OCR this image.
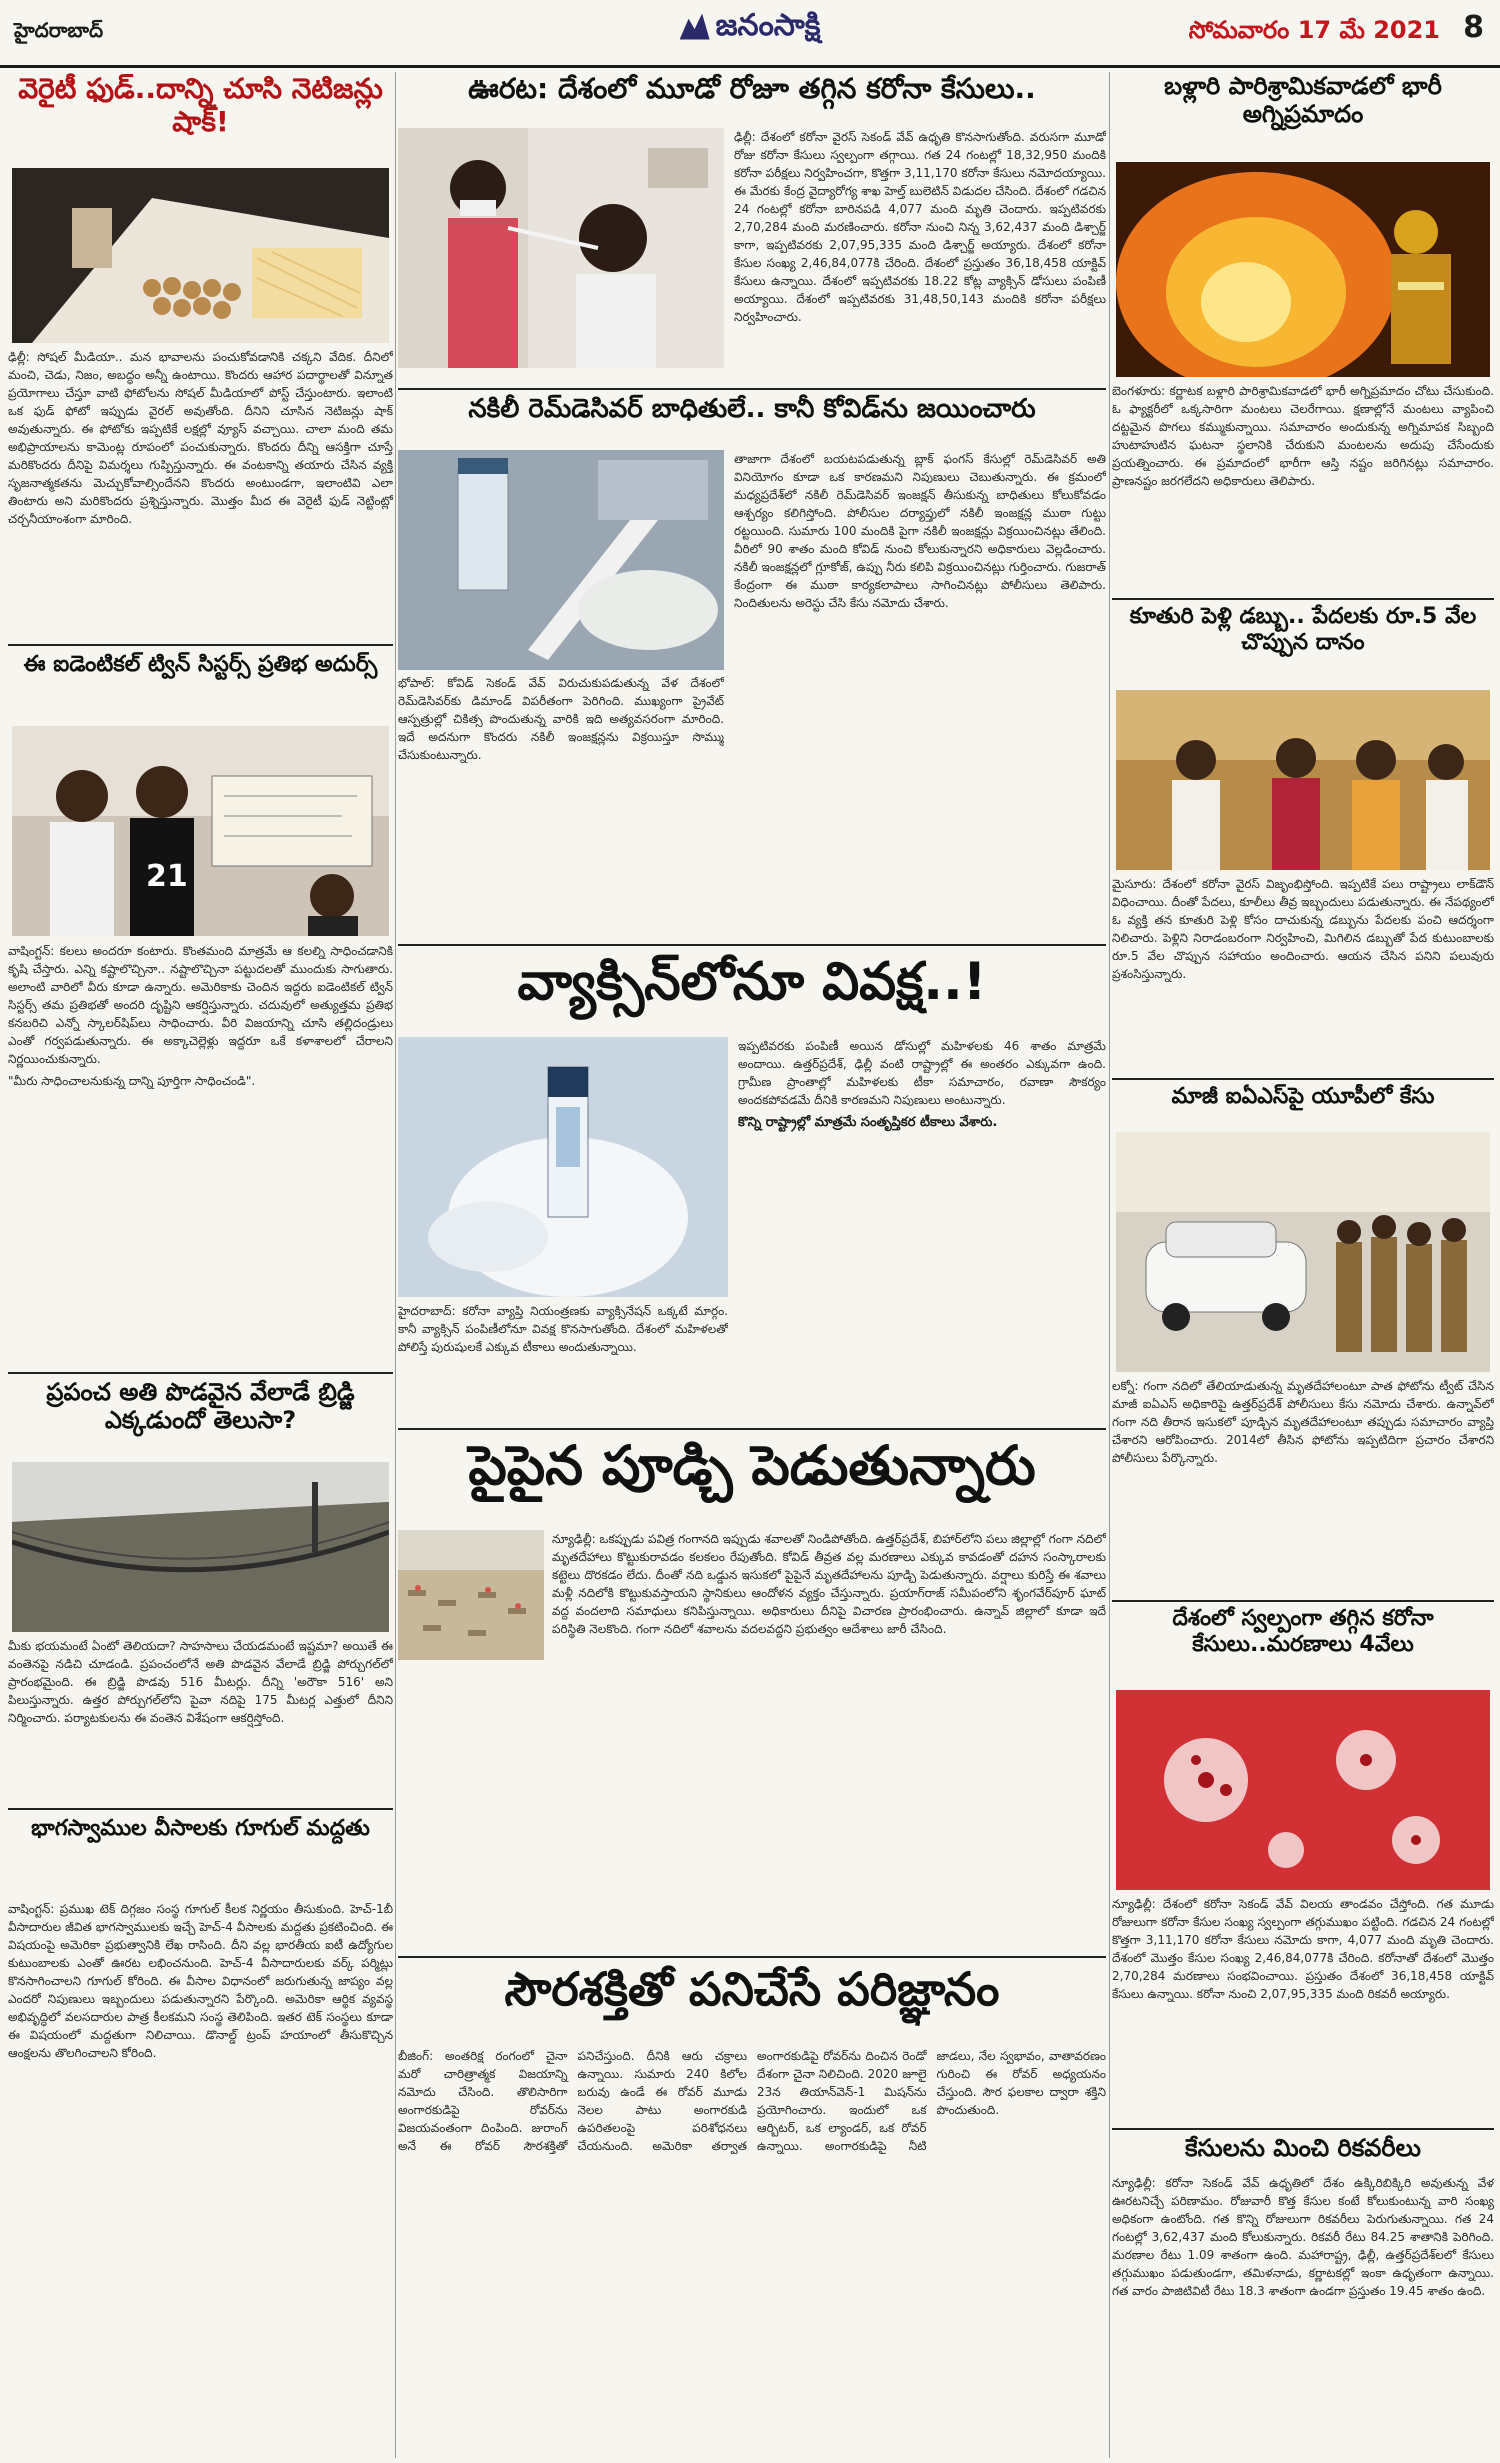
హైదరాబాద్	జనంసాక్షి	సోమవారం 17 మే 2021 8
వెరైటీ ఫుడ్..దాన్ని చూసి నెటిజన్లు షాక్!
ఢిల్లీ: సోషల్ మీడియా.. మన భావాలను పంచుకోవడానికి చక్కని వేదిక. దీనిలో మంచి, చెడు, నిజం, అబద్ధం అన్నీ ఉంటాయి. కొందరు ఆహార పదార్థాలతో విన్నూత ప్రయోగాలు చేస్తూ వాటి ఫోటోలను సోషల్ మీడియాలో పోస్ట్ చేస్తుంటారు. ఇలాంటి ఒక ఫుడ్ ఫోటో ఇప్పుడు వైరల్ అవుతోంది. దీనిని చూసిన నెటిజన్లు షాక్ అవుతున్నారు. ఈ ఫోటోకు ఇప్పటికే లక్షల్లో వ్యూస్ వచ్చాయి. చాలా మంది తమ అభిప్రాయాలను కామెంట్ల రూపంలో పంచుకున్నారు. కొందరు దీన్ని ఆసక్తిగా చూస్తే మరికొందరు దీనిపై విమర్శలు గుప్పిస్తున్నారు. ఈ వంటకాన్ని తయారు చేసిన వ్యక్తి సృజనాత్మకతను మెచ్చుకోవాల్సిందేనని కొందరు అంటుండగా, ఇలాంటివి ఎలా తింటారు అని మరికొందరు ప్రశ్నిస్తున్నారు. మొత్తం మీద ఈ వెరైటీ ఫుడ్ నెట్టింట్లో చర్చనీయాంశంగా మారింది.
ఈ ఐడెంటికల్ ట్విన్ సిస్టర్స్ ప్రతిభ అదుర్స్
21
వాషింగ్టన్: కలలు అందరూ కంటారు. కొంతమంది మాత్రమే ఆ కలల్ని సాధించడానికి కృషి చేస్తారు. ఎన్ని కష్టాలొచ్చినా.. నష్టాలొచ్చినా పట్టుదలతో ముందుకు సాగుతారు. అలాంటి వారిలో వీరు కూడా ఉన్నారు. అమెరికాకు చెందిన ఇద్దరు ఐడెంటికల్ ట్విన్ సిస్టర్స్ తమ ప్రతిభతో అందరి దృష్టిని ఆకర్షిస్తున్నారు. చదువులో అత్యుత్తమ ప్రతిభ కనబరిచి ఎన్నో స్కాలర్‌షిప్‌లు సాధించారు. వీరి విజయాన్ని చూసి తల్లిదండ్రులు ఎంతో గర్వపడుతున్నారు. ఈ అక్కాచెల్లెళ్లు ఇద్దరూ ఒకే కళాశాలలో చేరాలని నిర్ణయించుకున్నారు.
"మీరు సాధించాలనుకున్న దాన్ని పూర్తిగా సాధించండి".
ప్రపంచ అతి పొడవైన వేలాడే బ్రిడ్జి ఎక్కడుందో తెలుసా?
మీకు భయమంటే ఏంటో తెలియదా? సాహసాలు చేయడమంటే ఇష్టమా? అయితే ఈ వంతెనపై నడిచి చూడండి. ప్రపంచంలోనే అతి పొడవైన వేలాడే బ్రిడ్జి పోర్చుగల్‌లో ప్రారంభమైంది. ఈ బ్రిడ్జి పొడవు 516 మీటర్లు. దీన్ని 'అరౌకా 516' అని పిలుస్తున్నారు. ఉత్తర పోర్చుగల్‌లోని పైవా నదిపై 175 మీటర్ల ఎత్తులో దీనిని నిర్మించారు. పర్యాటకులను ఈ వంతెన విశేషంగా ఆకర్షిస్తోంది.
భాగస్వాముల వీసాలకు గూగుల్ మద్దతు
వాషింగ్టన్: ప్రముఖ టెక్ దిగ్గజం సంస్థ గూగుల్ కీలక నిర్ణయం తీసుకుంది. హెచ్-1బీ వీసాదారుల జీవిత భాగస్వాములకు ఇచ్చే హెచ్-4 వీసాలకు మద్దతు ప్రకటించింది. ఈ విషయంపై అమెరికా ప్రభుత్వానికి లేఖ రాసింది. దీని వల్ల భారతీయ ఐటీ ఉద్యోగుల కుటుంబాలకు ఎంతో ఊరట లభించనుంది. హెచ్-4 వీసాదారులకు వర్క్ పర్మిట్లు కొనసాగించాలని గూగుల్ కోరింది. ఈ వీసాల విధానంలో జరుగుతున్న జాప్యం వల్ల ఎందరో నిపుణులు ఇబ్బందులు పడుతున్నారని పేర్కొంది. అమెరికా ఆర్థిక వ్యవస్థ అభివృద్ధిలో వలసదారుల పాత్ర కీలకమని సంస్థ తెలిపింది. ఇతర టెక్ సంస్థలు కూడా ఈ విషయంలో మద్దతుగా నిలిచాయి. డొనాల్డ్ ట్రంప్ హయాంలో తీసుకొచ్చిన ఆంక్షలను తొలగించాలని కోరింది.
ఊరట: దేశంలో మూడో రోజూ తగ్గిన కరోనా కేసులు..
ఢిల్లీ: దేశంలో కరోనా వైరస్ సెకండ్ వేవ్ ఉధృతి కొనసాగుతోంది. వరుసగా మూడో రోజు కరోనా కేసులు స్వల్పంగా తగ్గాయి. గత 24 గంటల్లో 18,32,950 మందికి కరోనా పరీక్షలు నిర్వహించగా, కొత్తగా 3,11,170 కరోనా కేసులు నమోదయ్యాయి. ఈ మేరకు కేంద్ర వైద్యారోగ్య శాఖ హెల్త్ బులెటిన్ విడుదల చేసింది. దేశంలో గడచిన 24 గంటల్లో కరోనా బారినపడి 4,077 మంది మృతి చెందారు. ఇప్పటివరకు 2,70,284 మంది మరణించారు. కరోనా నుంచి నిన్న 3,62,437 మంది డిశ్చార్జ్ కాగా, ఇప్పటివరకు 2,07,95,335 మంది డిశ్చార్జ్ అయ్యారు. దేశంలో కరోనా కేసుల సంఖ్య 2,46,84,077కి చేరింది. దేశంలో ప్రస్తుతం 36,18,458 యాక్టివ్ కేసులు ఉన్నాయి. దేశంలో ఇప్పటివరకు 18.22 కోట్ల వ్యాక్సిన్ డోసులు పంపిణీ అయ్యాయి. దేశంలో ఇప్పటివరకు 31,48,50,143 మందికి కరోనా పరీక్షలు నిర్వహించారు.
నకిలీ రెమ్‌డెసివర్ బాధితులే.. కానీ కోవిడ్‌ను జయించారు
భోపాల్: కోవిడ్ సెకండ్ వేవ్ విరుచుకుపడుతున్న వేళ దేశంలో రెమ్‌డెసివర్‌కు డిమాండ్ విపరీతంగా పెరిగింది. ముఖ్యంగా ప్రైవేట్ ఆస్పత్రుల్లో చికిత్స పొందుతున్న వారికి ఇది అత్యవసరంగా మారింది. ఇదే అదనుగా కొందరు నకిలీ ఇంజక్షన్లను విక్రయిస్తూ సొమ్ము చేసుకుంటున్నారు.
తాజాగా దేశంలో బయటపడుతున్న బ్లాక్ ఫంగస్ కేసుల్లో రెమ్‌డెసివర్ అతి వినియోగం కూడా ఒక కారణమని నిపుణులు చెబుతున్నారు. ఈ క్రమంలో మధ్యప్రదేశ్‌లో నకిలీ రెమ్‌డెసివర్ ఇంజక్షన్ తీసుకున్న బాధితులు కోలుకోవడం ఆశ్చర్యం కలిగిస్తోంది. పోలీసుల దర్యాప్తులో నకిలీ ఇంజక్షన్ల ముఠా గుట్టు రట్టయింది. సుమారు 100 మందికి పైగా నకిలీ ఇంజక్షన్లు విక్రయించినట్లు తేలింది. వీరిలో 90 శాతం మంది కోవిడ్ నుంచి కోలుకున్నారని అధికారులు వెల్లడించారు. నకిలీ ఇంజక్షన్లలో గ్లూకోజ్, ఉప్పు నీరు కలిపి విక్రయించినట్లు గుర్తించారు. గుజరాత్ కేంద్రంగా ఈ ముఠా కార్యకలాపాలు సాగించినట్లు పోలీసులు తెలిపారు. నిందితులను అరెస్టు చేసి కేసు నమోదు చేశారు.
వ్యాక్సిన్‌లోనూ వివక్ష..!
హైదరాబాద్: కరోనా వ్యాప్తి నియంత్రణకు వ్యాక్సినేషన్ ఒక్కటే మార్గం. కానీ వ్యాక్సిన్ పంపిణీలోనూ వివక్ష కొనసాగుతోంది. దేశంలో మహిళలతో పోలిస్తే పురుషులకే ఎక్కువ టీకాలు అందుతున్నాయి.
ఇప్పటివరకు పంపిణీ అయిన డోసుల్లో మహిళలకు 46 శాతం మాత్రమే అందాయి. ఉత్తర్‌ప్రదేశ్, ఢిల్లీ వంటి రాష్ట్రాల్లో ఈ అంతరం ఎక్కువగా ఉంది. గ్రామీణ ప్రాంతాల్లో మహిళలకు టీకా సమాచారం, రవాణా సౌకర్యం అందకపోవడమే దీనికి కారణమని నిపుణులు అంటున్నారు.
కొన్ని రాష్ట్రాల్లో మాత్రమే సంతృప్తికర టీకాలు వేశారు.
పైపైన పూడ్చి పెడుతున్నారు
న్యూఢిల్లీ: ఒకప్పుడు పవిత్ర గంగానది ఇప్పుడు శవాలతో నిండిపోతోంది. ఉత్తర్‌ప్రదేశ్, బిహార్‌లోని పలు జిల్లాల్లో గంగా నదిలో మృతదేహాలు కొట్టుకురావడం కలకలం రేపుతోంది. కోవిడ్ తీవ్రత వల్ల మరణాలు ఎక్కువ కావడంతో దహన సంస్కారాలకు కట్టెలు దొరకడం లేదు. దీంతో నది ఒడ్డున ఇసుకలో పైపైనే మృతదేహాలను పూడ్చి పెడుతున్నారు. వర్షాలు కురిస్తే ఈ శవాలు మళ్లీ నదిలోకి కొట్టుకువస్తాయని స్థానికులు ఆందోళన వ్యక్తం చేస్తున్నారు. ప్రయాగ్‌రాజ్ సమీపంలోని శృంగవేర్‌పూర్ ఘాట్ వద్ద వందలాది సమాధులు కనిపిస్తున్నాయి. అధికారులు దీనిపై విచారణ ప్రారంభించారు. ఉన్నావ్ జిల్లాలో కూడా ఇదే పరిస్థితి నెలకొంది. గంగా నదిలో శవాలను వదలవద్దని ప్రభుత్వం ఆదేశాలు జారీ చేసింది.
సౌరశక్తితో పనిచేసే పరిజ్ఞానం
బీజింగ్: అంతరిక్ష రంగంలో చైనా మరో చారిత్రాత్మక విజయాన్ని నమోదు చేసింది. తొలిసారిగా అంగారకుడిపై రోవర్‌ను విజయవంతంగా దింపింది. జురాంగ్ అనే ఈ రోవర్ సౌరశక్తితో పనిచేస్తుంది. దీనికి ఆరు చక్రాలు ఉన్నాయి. సుమారు 240 కిలోల బరువు ఉండే ఈ రోవర్ మూడు నెలల పాటు అంగారకుడి ఉపరితలంపై పరిశోధనలు చేయనుంది. అమెరికా తర్వాత అంగారకుడిపై రోవర్‌ను దించిన రెండో దేశంగా చైనా నిలిచింది. 2020 జూలై 23న తియాన్‌వెన్-1 మిషన్‌ను ప్రయోగించారు. ఇందులో ఒక ఆర్బిటర్, ఒక ల్యాండర్, ఒక రోవర్ ఉన్నాయి. అంగారకుడిపై నీటి జాడలు, నేల స్వభావం, వాతావరణం గురించి ఈ రోవర్ అధ్యయనం చేస్తుంది. సౌర ఫలకాల ద్వారా శక్తిని పొందుతుంది.
బళ్లారి పారిశ్రామికవాడలో భారీ అగ్నిప్రమాదం
బెంగళూరు: కర్ణాటక బళ్లారి పారిశ్రామికవాడలో భారీ అగ్నిప్రమాదం చోటు చేసుకుంది. ఓ ఫ్యాక్టరీలో ఒక్కసారిగా మంటలు చెలరేగాయి. క్షణాల్లోనే మంటలు వ్యాపించి దట్టమైన పొగలు కమ్ముకున్నాయి. సమాచారం అందుకున్న అగ్నిమాపక సిబ్బంది హుటాహుటిన ఘటనా స్థలానికి చేరుకుని మంటలను అదుపు చేసేందుకు ప్రయత్నించారు. ఈ ప్రమాదంలో భారీగా ఆస్తి నష్టం జరిగినట్లు సమాచారం. ప్రాణనష్టం జరగలేదని అధికారులు తెలిపారు.
కూతురి పెళ్లి డబ్బు.. పేదలకు రూ.5 వేల చొప్పున దానం
మైసూరు: దేశంలో కరోనా వైరస్ విజృంభిస్తోంది. ఇప్పటికే పలు రాష్ట్రాలు లాక్‌డౌన్ విధించాయి. దీంతో పేదలు, కూలీలు తీవ్ర ఇబ్బందులు పడుతున్నారు. ఈ నేపథ్యంలో ఓ వ్యక్తి తన కూతురి పెళ్లి కోసం దాచుకున్న డబ్బును పేదలకు పంచి ఆదర్శంగా నిలిచారు. పెళ్లిని నిరాడంబరంగా నిర్వహించి, మిగిలిన డబ్బుతో పేద కుటుంబాలకు రూ.5 వేల చొప్పున సహాయం అందించారు. ఆయన చేసిన పనిని పలువురు ప్రశంసిస్తున్నారు.
మాజీ ఐఏఎస్‌పై యూపీలో కేసు
లక్నో: గంగా నదిలో తేలియాడుతున్న మృతదేహాలంటూ పాత ఫోటోను ట్వీట్ చేసిన మాజీ ఐఏఎస్ అధికారిపై ఉత్తర్‌ప్రదేశ్ పోలీసులు కేసు నమోదు చేశారు. ఉన్నావ్‌లో గంగా నది తీరాన ఇసుకలో పూడ్చిన మృతదేహాలంటూ తప్పుడు సమాచారం వ్యాప్తి చేశారని ఆరోపించారు. 2014లో తీసిన ఫోటోను ఇప్పటిదిగా ప్రచారం చేశారని పోలీసులు పేర్కొన్నారు.
దేశంలో స్వల్పంగా తగ్గిన కరోనా కేసులు..మరణాలు 4వేలు
న్యూఢిల్లీ: దేశంలో కరోనా సెకండ్ వేవ్ విలయ తాండవం చేస్తోంది. గత మూడు రోజులుగా కరోనా కేసుల సంఖ్య స్వల్పంగా తగ్గుముఖం పట్టింది. గడచిన 24 గంటల్లో కొత్తగా 3,11,170 కరోనా కేసులు నమోదు కాగా, 4,077 మంది మృతి చెందారు. దేశంలో మొత్తం కేసుల సంఖ్య 2,46,84,077కి చేరింది. కరోనాతో దేశంలో మొత్తం 2,70,284 మరణాలు సంభవించాయి. ప్రస్తుతం దేశంలో 36,18,458 యాక్టివ్ కేసులు ఉన్నాయి. కరోనా నుంచి 2,07,95,335 మంది రికవరీ అయ్యారు.
కేసులను మించి రికవరీలు
న్యూఢిల్లీ: కరోనా సెకండ్ వేవ్ ఉధృతిలో దేశం ఉక్కిరిబిక్కిరి అవుతున్న వేళ ఊరటనిచ్చే పరిణామం. రోజువారీ కొత్త కేసుల కంటే కోలుకుంటున్న వారి సంఖ్య అధికంగా ఉంటోంది. గత కొన్ని రోజులుగా రికవరీలు పెరుగుతున్నాయి. గత 24 గంటల్లో 3,62,437 మంది కోలుకున్నారు. రికవరీ రేటు 84.25 శాతానికి పెరిగింది. మరణాల రేటు 1.09 శాతంగా ఉంది. మహారాష్ట్ర, ఢిల్లీ, ఉత్తర్‌ప్రదేశ్‌లలో కేసులు తగ్గుముఖం పడుతుండగా, తమిళనాడు, కర్ణాటకల్లో ఇంకా ఉధృతంగా ఉన్నాయి. గత వారం పాజిటివిటీ రేటు 18.3 శాతంగా ఉండగా ప్రస్తుతం 19.45 శాతం ఉంది.
